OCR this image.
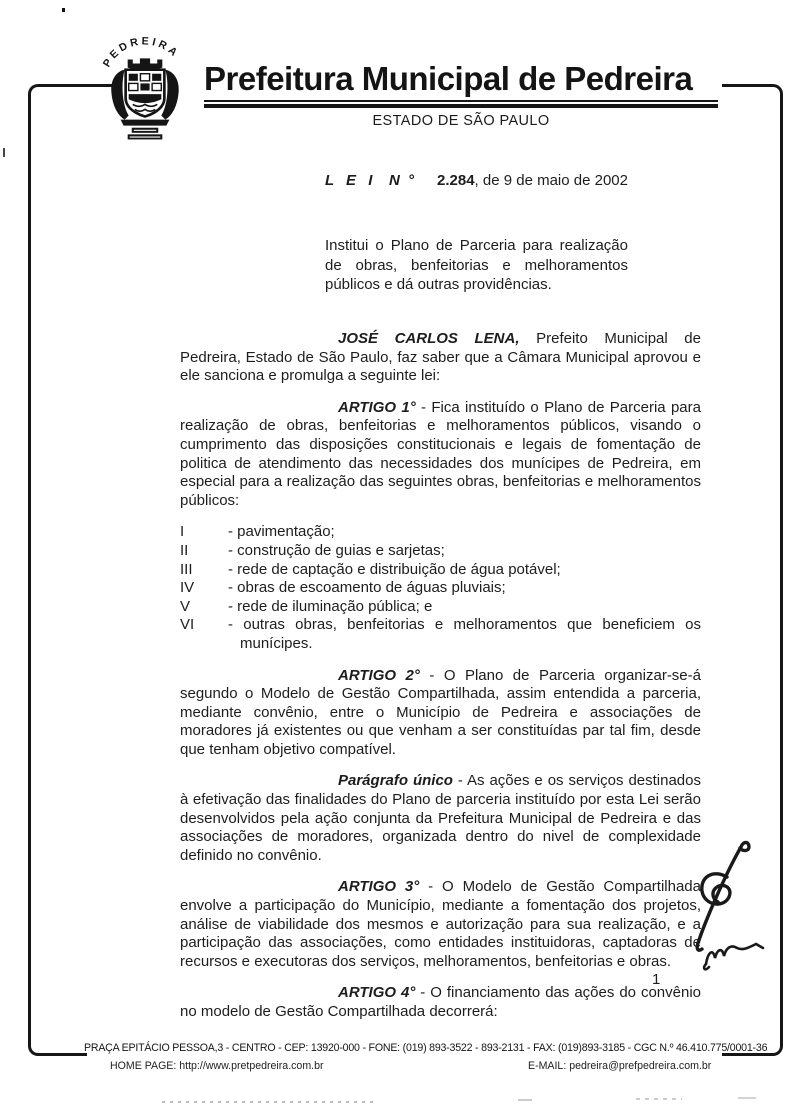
PEDREIRA
Prefeitura Municipal de Pedreira
ESTADO DE SÃO PAULO
L E I N ° 2.284, de 9 de maio de 2002
Institui o Plano de Parceria para realização de obras, benfeitorias e melhoramentos públicos e dá outras providências.

JOSÉ CARLOS LENA, Prefeito Municipal de Pedreira, Estado de São Paulo, faz saber que a Câmara Municipal aprovou e ele sanciona e promulga a seguinte lei:

ARTIGO 1° - Fica instituído o Plano de Parceria para realização de obras, benfeitorias e melhoramentos públicos, visando o cumprimento das disposições constitucionais e legais de fomentação de politica de atendimento das necessidades dos munícipes de Pedreira, em especial para a realização das seguintes obras, benfeitorias e melhoramentos públicos:

I	- pavimentação;
II	- construção de guias e sarjetas;
III	- rede de captação e distribuição de água potável;
IV	- obras de escoamento de águas pluviais;
V	- rede de iluminação pública; e
VI	- outras obras, benfeitorias e melhoramentos que beneficiem os munícipes.

ARTIGO 2° - O Plano de Parceria organizar-se-á segundo o Modelo de Gestão Compartilhada, assim entendida a parceria, mediante convênio, entre o Município de Pedreira e associações de moradores já existentes ou que venham a ser constituídas par tal fim, desde que tenham objetivo compatível.

Parágrafo único - As ações e os serviços destinados à efetivação das finalidades do Plano de parceria instituído por esta Lei serão desenvolvidos pela ação conjunta da Prefeitura Municipal de Pedreira e das associações de moradores, organizada dentro do nivel de complexidade definido no convênio.

ARTIGO 3° - O Modelo de Gestão Compartilhada envolve a participação do Município, mediante a fomentação dos projetos, análise de viabilidade dos mesmos e autorização para sua realização, e a participação das associações, como entidades instituidoras, captadoras de recursos e executoras dos serviços, melhoramentos, benfeitorias e obras.

ARTIGO 4° - O financiamento das ações do convênio no modelo de Gestão Compartilhada decorrerá:

1
PRAÇA EPITÁCIO PESSOA,3 - CENTRO - CEP: 13920-000 - FONE: (019) 893-3522 - 893-2131 - FAX: (019)893-3185 - CGC N.º 46.410.775/0001-36
HOME PAGE: http://www.pretpedreira.com.br	E-MAIL: pedreira@prefpedreira.com.br
